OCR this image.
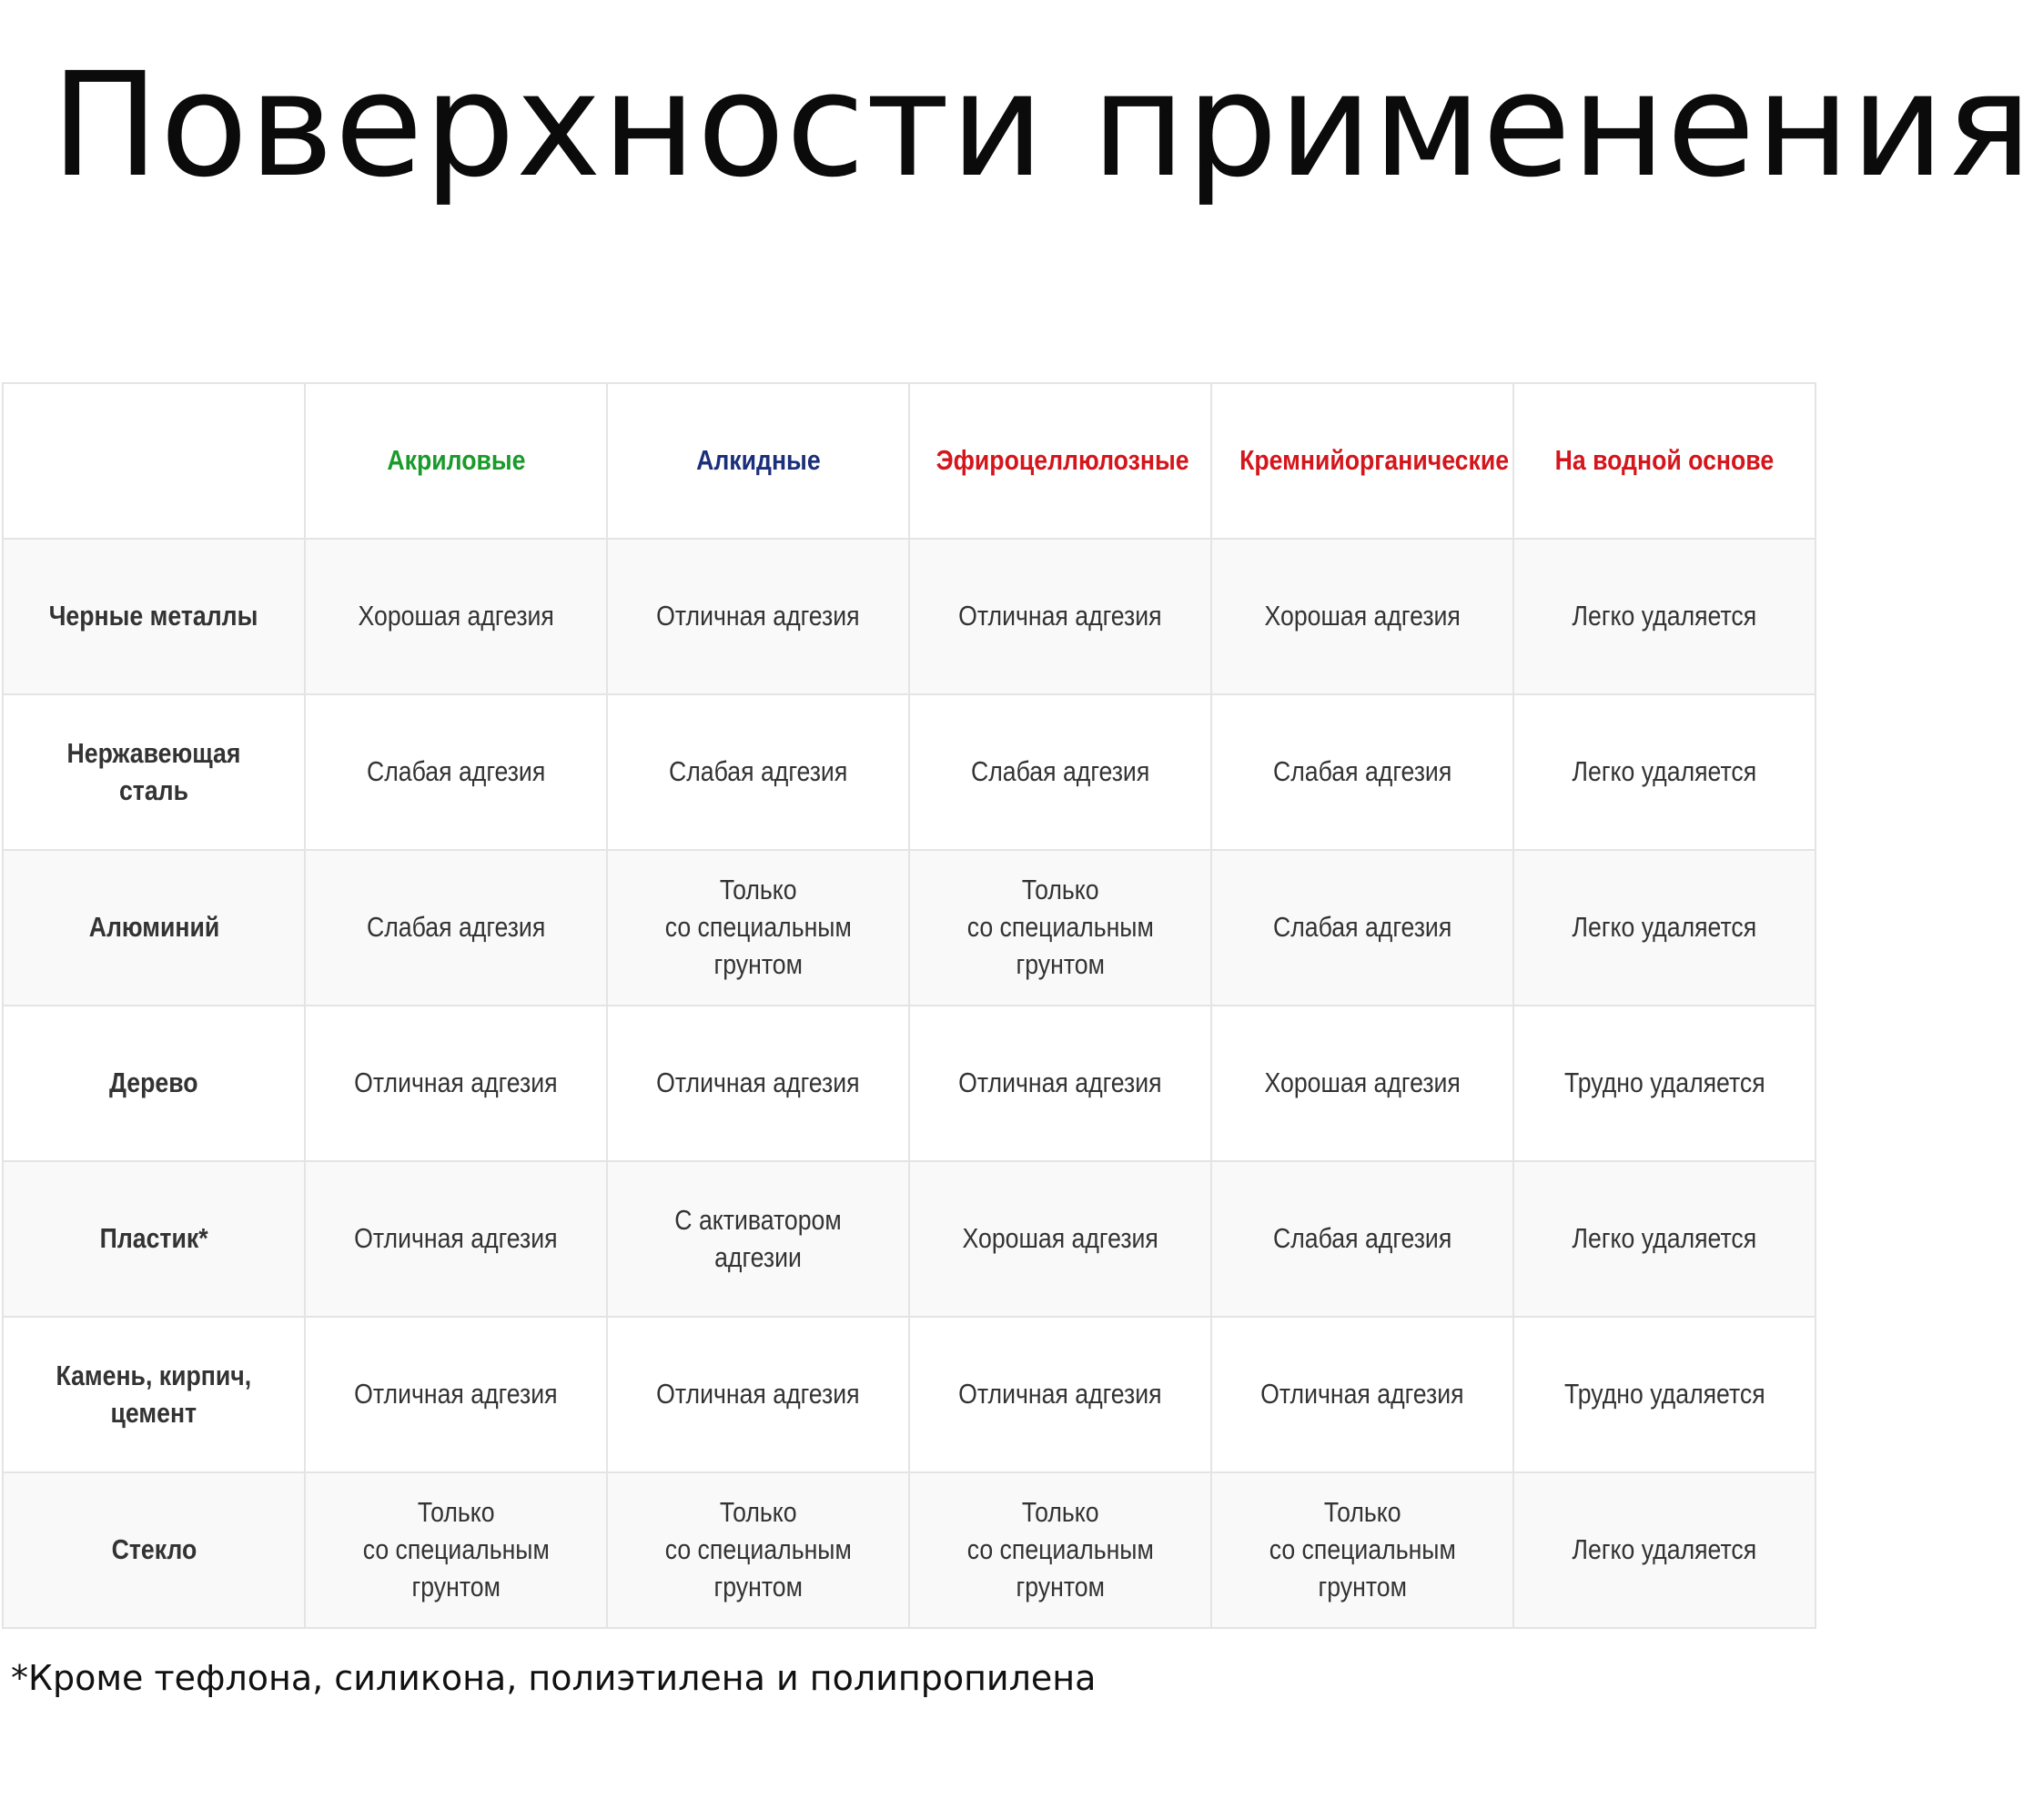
Поверхности применения
	Акриловые	Алкидные	Эфироцеллюлозные	Кремнийорганические	На водной основе
Черные металлы	Хорошая адгезия	Отличная адгезия	Отличная адгезия	Хорошая адгезия	Легко удаляется
Нержавеющая сталь	Слабая адгезия	Слабая адгезия	Слабая адгезия	Слабая адгезия	Легко удаляется
Алюминий	Слабая адгезия	Только
со специальным
грунтом	Только
со специальным
грунтом	Слабая адгезия	Легко удаляется
Дерево	Отличная адгезия	Отличная адгезия	Отличная адгезия	Хорошая адгезия	Трудно удаляется
Пластик*	Отличная адгезия	С активатором адгезии	Хорошая адгезия	Слабая адгезия	Легко удаляется
Камень, кирпич,
цемент	Отличная адгезия	Отличная адгезия	Отличная адгезия	Отличная адгезия	Трудно удаляется
Стекло	Только
со специальным
грунтом	Только
со специальным
грунтом	Только
со специальным
грунтом	Только
со специальным
грунтом	Легко удаляется

*Кроме тефлона, силикона, полиэтилена и полипропилена
